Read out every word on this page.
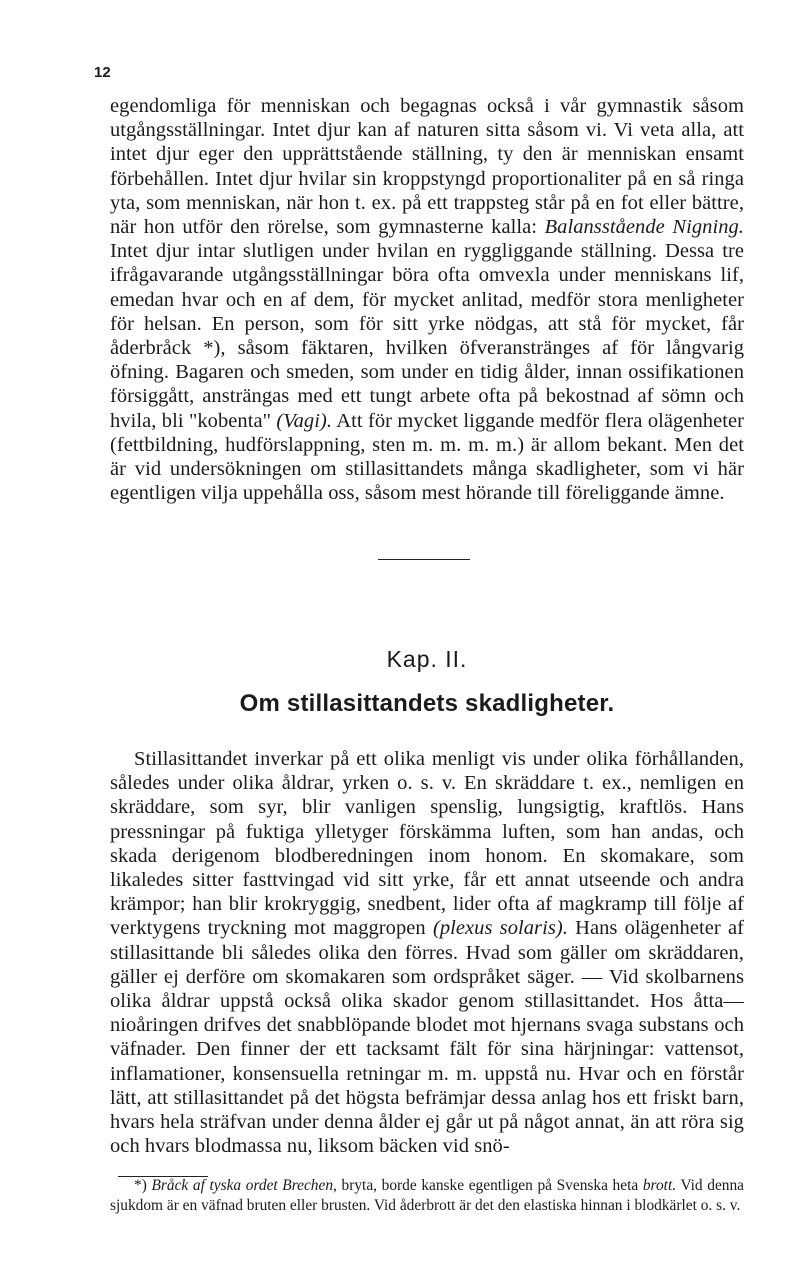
12

egendomliga för menniskan och begagnas också i vår gymnastik såsom utgångsställningar. Intet djur kan af naturen sitta såsom vi. Vi veta alla, att intet djur eger den upprättstående ställning, ty den är menniskan ensamt förbehållen. Intet djur hvilar sin kroppstyngd proportionaliter på en så ringa yta, som menniskan, när hon t. ex. på ett trappsteg står på en fot eller bättre, när hon utför den rörelse, som gymnasterne kalla: Balansstående Nigning. Intet djur intar slutligen under hvilan en ryggliggande ställning. Dessa tre ifrågavarande utgångsställningar böra ofta omvexla under menniskans lif, emedan hvar och en af dem, för mycket anlitad, medför stora menligheter för helsan. En person, som för sitt yrke nödgas, att stå för mycket, får åderbråck *), såsom fäktaren, hvilken öfveranstränges af för långvarig öfning. Bagaren och smeden, som under en tidig ålder, innan ossifikationen försiggått, ansträngas med ett tungt arbete ofta på bekostnad af sömn och hvila, bli "kobenta" (Vagi). Att för mycket liggande medför flera olägenheter (fettbildning, hudförslappning, sten m. m. m. m.) är allom bekant. Men det är vid undersökningen om stillasittandets många skadligheter, som vi här egentligen vilja uppehålla oss, såsom mest hörande till föreliggande ämne.

Kap. II.
Om stillasittandets skadligheter.

Stillasittandet inverkar på ett olika menligt vis under olika förhållanden, således under olika åldrar, yrken o. s. v. En skräddare t. ex., nemligen en skräddare, som syr, blir vanligen spenslig, lungsigtig, kraftlös. Hans pressningar på fuktiga ylletyger förskämma luften, som han andas, och skada derigenom blodberedningen inom honom. En skomakare, som likaledes sitter fasttvingad vid sitt yrke, får ett annat utseende och andra krämpor; han blir krokryggig, snedbent, lider ofta af magkramp till följe af verktygens tryckning mot maggropen (plexus solaris). Hans olägenheter af stillasittande bli således olika den förres. Hvad som gäller om skräddaren, gäller ej derföre om skomakaren som ordspråket säger. — Vid skolbarnens olika åldrar uppstå också olika skador genom stillasittandet. Hos åtta—nioåringen drifves det snabblöpande blodet mot hjernans svaga substans och väfnader. Den finner der ett tacksamt fält för sina härjningar: vattensot, inflamationer, konsensuella retningar m. m. uppstå nu. Hvar och en förstår lätt, att stillasittandet på det högsta befrämjar dessa anlag hos ett friskt barn, hvars hela sträfvan under denna ålder ej går ut på något annat, än att röra sig och hvars blodmassa nu, liksom bäcken vid snö-

*) Bråck af tyska ordet Brechen, bryta, borde kanske egentligen på Svenska heta brott. Vid denna sjukdom är en väfnad bruten eller brusten. Vid åderbrott är det den elastiska hinnan i blodkärlet o. s. v.
